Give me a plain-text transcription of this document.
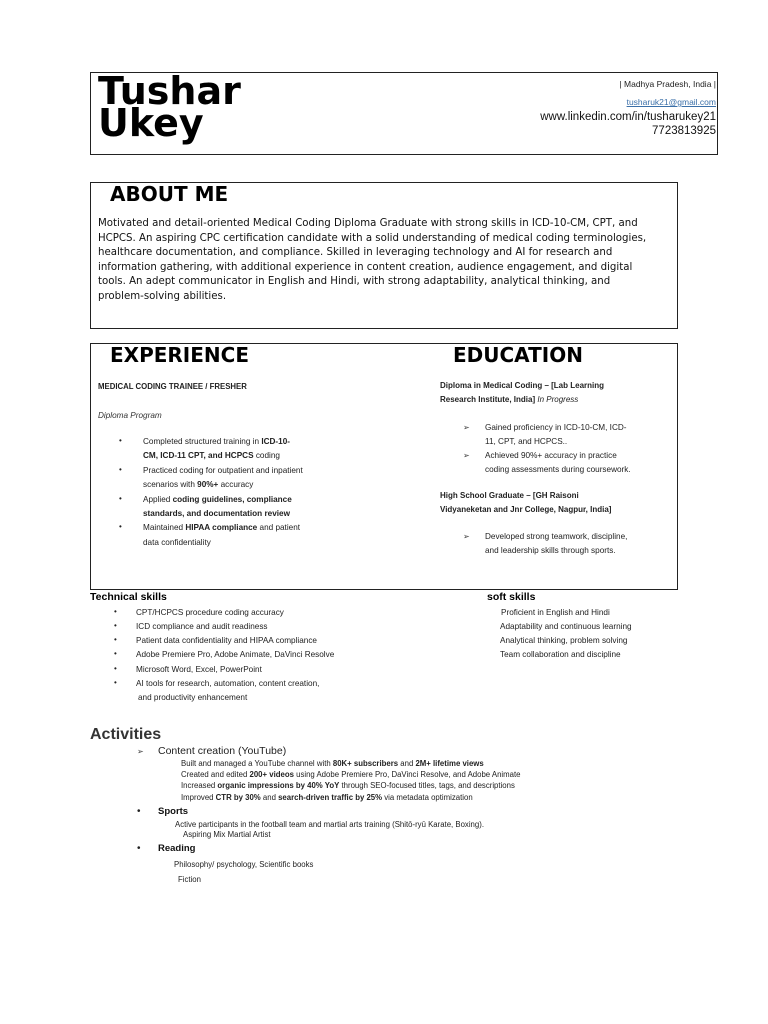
Tushar
Ukey
| Madhya Pradesh, India |
tusharuk21@gmail.com
www.linkedin.com/in/tusharukey21
7723813925
ABOUT ME
Motivated and detail-oriented Medical Coding Diploma Graduate with strong skills in ICD-10-CM, CPT, and HCPCS. An aspiring CPC certification candidate with a solid understanding of medical coding terminologies, healthcare documentation, and compliance. Skilled in leveraging technology and AI for research and information gathering, with additional experience in content creation, audience engagement, and digital tools. An adept communicator in English and Hindi, with strong adaptability, analytical thinking, and problem-solving abilities.
EXPERIENCE	EDUCATION
MEDICAL CODING TRAINEE / FRESHER
Diploma Program
•	Completed structured training in ICD-10-
CM, ICD-11 CPT, and HCPCS coding
•	Practiced coding for outpatient and inpatient
scenarios with 90%+ accuracy
•	Applied coding guidelines, compliance
standards, and documentation review
•	Maintained HIPAA compliance and patient
data confidentiality
Diploma in Medical Coding – [Lab Learning
Research Institute, India] In Progress
➢ Gained proficiency in ICD-10-CM, ICD-
11, CPT, and HCPCS..
➢ Achieved 90%+ accuracy in practice
coding assessments during coursework.
High School Graduate – [GH Raisoni
Vidyaneketan and Jnr College, Nagpur, India]
➢ Developed strong teamwork, discipline,
and leadership skills through sports.
Technical skills
• CPT/HCPCS procedure coding accuracy
• ICD compliance and audit readiness
• Patient data confidentiality and HIPAA compliance
• Adobe Premiere Pro, Adobe Animate, DaVinci Resolve
• Microsoft Word, Excel, PowerPoint
• AI tools for research, automation, content creation,
and productivity enhancement
soft skills
Proficient in English and Hindi
Adaptability and continuous learning
Analytical thinking, problem solving
Team collaboration and discipline
Activities
➢ Content creation (YouTube)
Built and managed a YouTube channel with 80K+ subscribers and 2M+ lifetime views
Created and edited 200+ videos using Adobe Premiere Pro, DaVinci Resolve, and Adobe Animate
Increased organic impressions by 40% YoY through SEO-focused titles, tags, and descriptions
Improved CTR by 30% and search-driven traffic by 25% via metadata optimization
• Sports
Active participants in the football team and martial arts training (Shitō-ryū Karate, Boxing).
Aspiring Mix Martial Artist
• Reading
Philosophy/ psychology, Scientific books
Fiction
